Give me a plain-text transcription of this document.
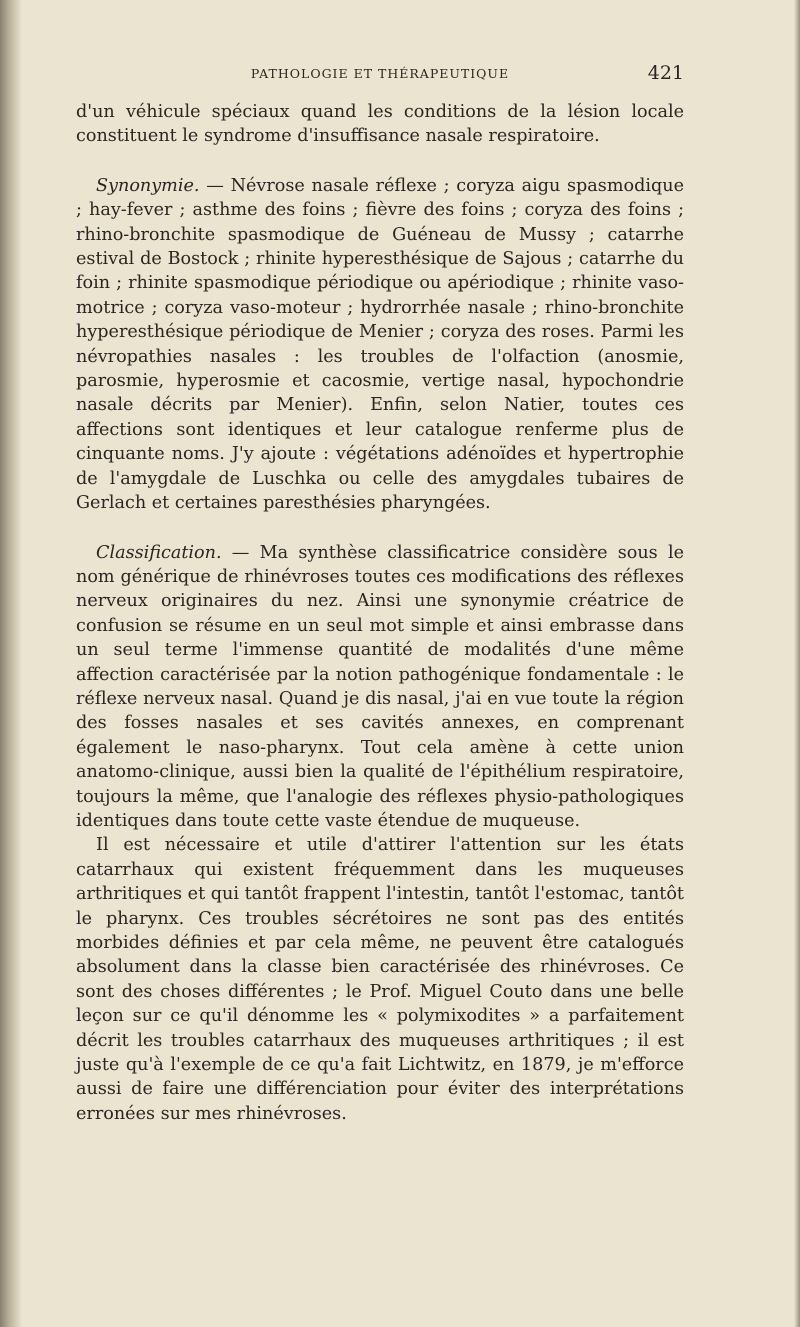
PATHOLOGIE ET THÉRAPEUTIQUE	421

d'un véhicule spéciaux quand les conditions de la lésion locale constituent le syndrome d'insuffisance nasale respiratoire.

Synonymie. — Névrose nasale réflexe ; coryza aigu spasmodique ; hay-fever ; asthme des foins ; fièvre des foins ; coryza des foins ; rhino-bronchite spasmodique de Guéneau de Mussy ; catarrhe estival de Bostock ; rhinite hyperesthésique de Sajous ; catarrhe du foin ; rhinite spasmodique périodique ou apériodique ; rhinite vaso-motrice ; coryza vaso-moteur ; hydrorrhée nasale ; rhino-bronchite hyperesthésique périodique de Menier ; coryza des roses. Parmi les névropathies nasales : les troubles de l'olfaction (anosmie, parosmie, hyperosmie et cacosmie, vertige nasal, hypochondrie nasale décrits par Menier). Enfin, selon Natier, toutes ces affections sont identiques et leur catalogue renferme plus de cinquante noms. J'y ajoute : végétations adénoïdes et hypertrophie de l'amygdale de Luschka ou celle des amygdales tubaires de Gerlach et certaines paresthésies pharyngées.

Classification. — Ma synthèse classificatrice considère sous le nom générique de rhinévroses toutes ces modifications des réflexes nerveux originaires du nez. Ainsi une synonymie créatrice de confusion se résume en un seul mot simple et ainsi embrasse dans un seul terme l'immense quantité de modalités d'une même affection caractérisée par la notion pathogénique fondamentale : le réflexe nerveux nasal. Quand je dis nasal, j'ai en vue toute la région des fosses nasales et ses cavités annexes, en comprenant également le naso-pharynx. Tout cela amène à cette union anatomo-clinique, aussi bien la qualité de l'épithélium respiratoire, toujours la même, que l'analogie des réflexes physio-pathologiques identiques dans toute cette vaste étendue de muqueuse.

Il est nécessaire et utile d'attirer l'attention sur les états catarrhaux qui existent fréquemment dans les muqueuses arthritiques et qui tantôt frappent l'intestin, tantôt l'estomac, tantôt le pharynx. Ces troubles sécrétoires ne sont pas des entités morbides définies et par cela même, ne peuvent être catalogués absolument dans la classe bien caractérisée des rhinévroses. Ce sont des choses différentes ; le Prof. Miguel Couto dans une belle leçon sur ce qu'il dénomme les « polymixodites » a parfaitement décrit les troubles catarrhaux des muqueuses arthritiques ; il est juste qu'à l'exemple de ce qu'a fait Lichtwitz, en 1879, je m'efforce aussi de faire une différenciation pour éviter des interprétations erronées sur mes rhinévroses.
